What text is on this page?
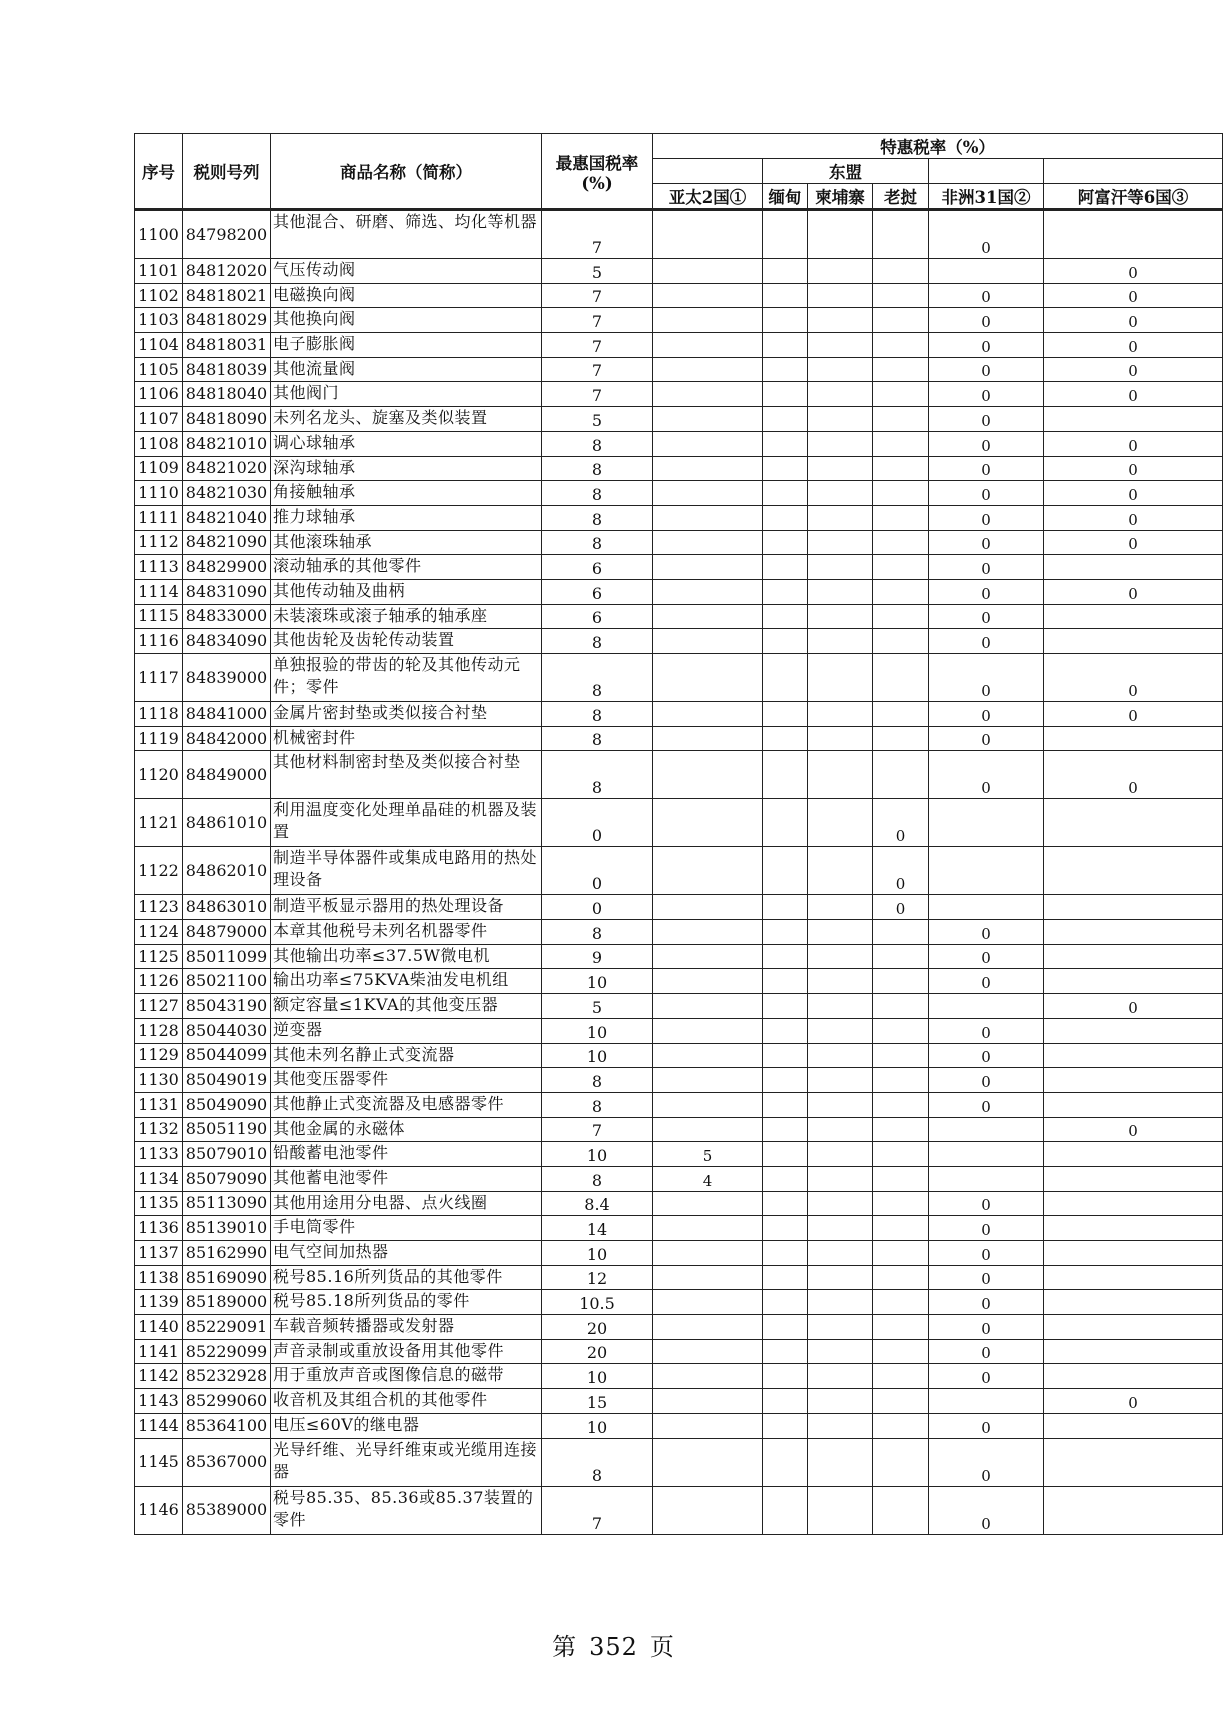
序号	税则号列	商品名称（简称）	最惠国税率
(%)	特惠税率（%）					
					东盟				
				亚太2国①	缅甸	柬埔寨	老挝	非洲31国②	阿富汗等6国③
1100	84798200	其他混合、研磨、筛选、均化等机器	7					0	
1101	84812020	气压传动阀	5						0
1102	84818021	电磁换向阀	7					0	0
1103	84818029	其他换向阀	7					0	0
1104	84818031	电子膨胀阀	7					0	0
1105	84818039	其他流量阀	7					0	0
1106	84818040	其他阀门	7					0	0
1107	84818090	未列名龙头、旋塞及类似装置	5					0	
1108	84821010	调心球轴承	8					0	0
1109	84821020	深沟球轴承	8					0	0
1110	84821030	角接触轴承	8					0	0
1111	84821040	推力球轴承	8					0	0
1112	84821090	其他滚珠轴承	8					0	0
1113	84829900	滚动轴承的其他零件	6					0	
1114	84831090	其他传动轴及曲柄	6					0	0
1115	84833000	未装滚珠或滚子轴承的轴承座	6					0	
1116	84834090	其他齿轮及齿轮传动装置	8					0	
1117	84839000	单独报验的带齿的轮及其他传动元件；零件	8					0	0
1118	84841000	金属片密封垫或类似接合衬垫	8					0	0
1119	84842000	机械密封件	8					0	
1120	84849000	其他材料制密封垫及类似接合衬垫	8					0	0
1121	84861010	利用温度变化处理单晶硅的机器及装置	0				0		
1122	84862010	制造半导体器件或集成电路用的热处理设备	0				0		
1123	84863010	制造平板显示器用的热处理设备	0				0		
1124	84879000	本章其他税号未列名机器零件	8					0	
1125	85011099	其他输出功率≤37.5W微电机	9					0	
1126	85021100	输出功率≤75KVA柴油发电机组	10					0	
1127	85043190	额定容量≤1KVA的其他变压器	5						0
1128	85044030	逆变器	10					0	
1129	85044099	其他未列名静止式变流器	10					0	
1130	85049019	其他变压器零件	8					0	
1131	85049090	其他静止式变流器及电感器零件	8					0	
1132	85051190	其他金属的永磁体	7						0
1133	85079010	铅酸蓄电池零件	10	5					
1134	85079090	其他蓄电池零件	8	4					
1135	85113090	其他用途用分电器、点火线圈	8.4					0	
1136	85139010	手电筒零件	14					0	
1137	85162990	电气空间加热器	10					0	
1138	85169090	税号85.16所列货品的其他零件	12					0	
1139	85189000	税号85.18所列货品的零件	10.5					0	
1140	85229091	车载音频转播器或发射器	20					0	
1141	85229099	声音录制或重放设备用其他零件	20					0	
1142	85232928	用于重放声音或图像信息的磁带	10					0	
1143	85299060	收音机及其组合机的其他零件	15						0
1144	85364100	电压≤60V的继电器	10					0	
1145	85367000	光导纤维、光导纤维束或光缆用连接器	8					0	
1146	85389000	税号85.35、85.36或85.37装置的零件	7					0	
第 352 页
